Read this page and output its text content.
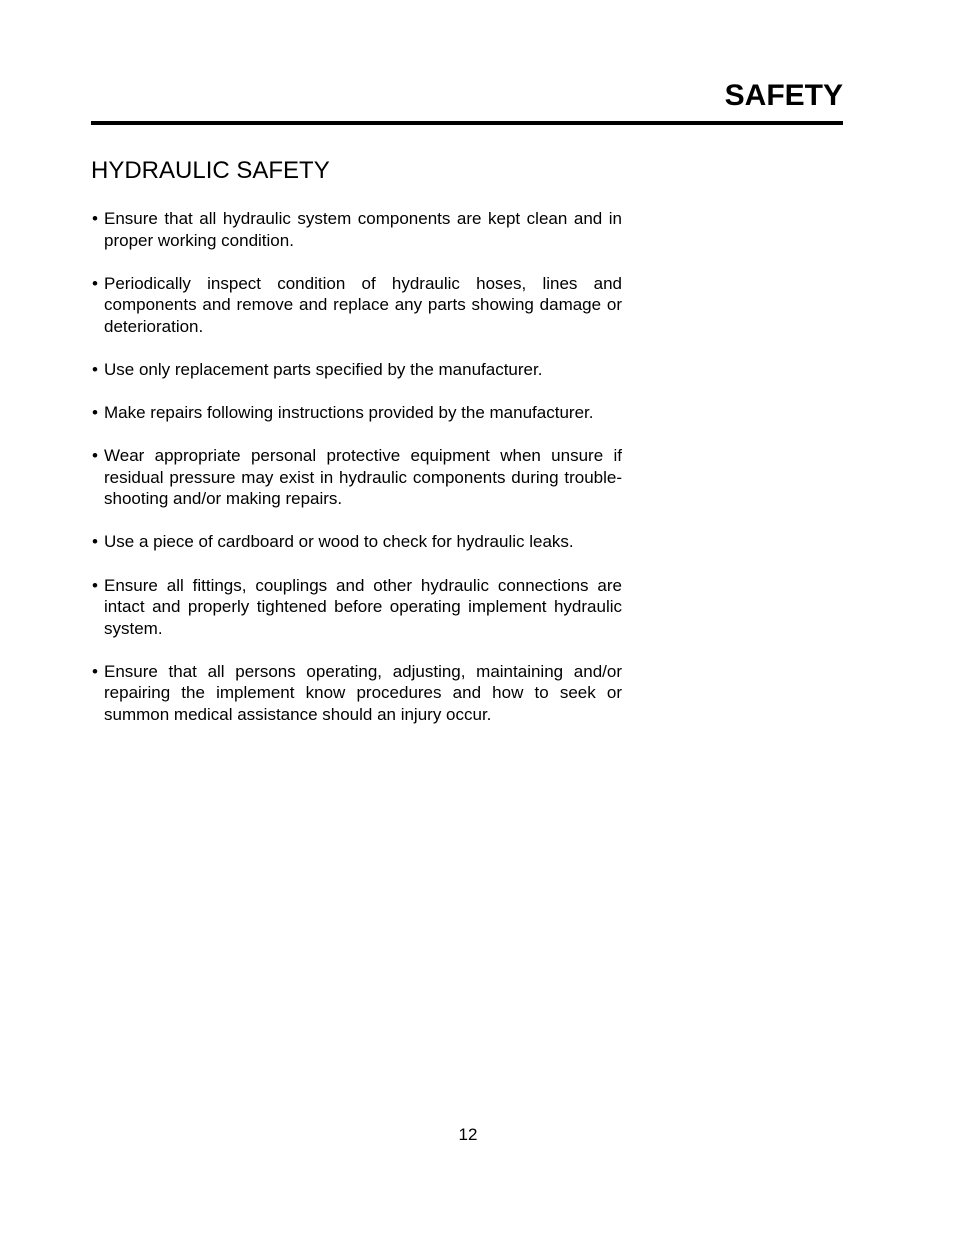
SAFETY
HYDRAULIC SAFETY
• Ensure that all hydraulic system components are kept clean and in proper working condition.
• Periodically inspect condition of hydraulic hoses, lines and components and remove and replace any parts showing damage or deterioration.
• Use only replacement parts specified by the manufacturer.
• Make repairs following instructions provided by the manufacturer.
• Wear appropriate personal protective equipment when unsure if residual pressure may exist in hydraulic components during trouble-shooting and/or making repairs.
• Use a piece of cardboard or wood to check for hydraulic leaks.
• Ensure all fittings, couplings and other hydraulic connections are intact and properly tightened before operating implement hydraulic system.
• Ensure that all persons operating, adjusting, maintaining and/or repairing the implement know procedures and how to seek or summon medical assistance should an injury occur.
12
